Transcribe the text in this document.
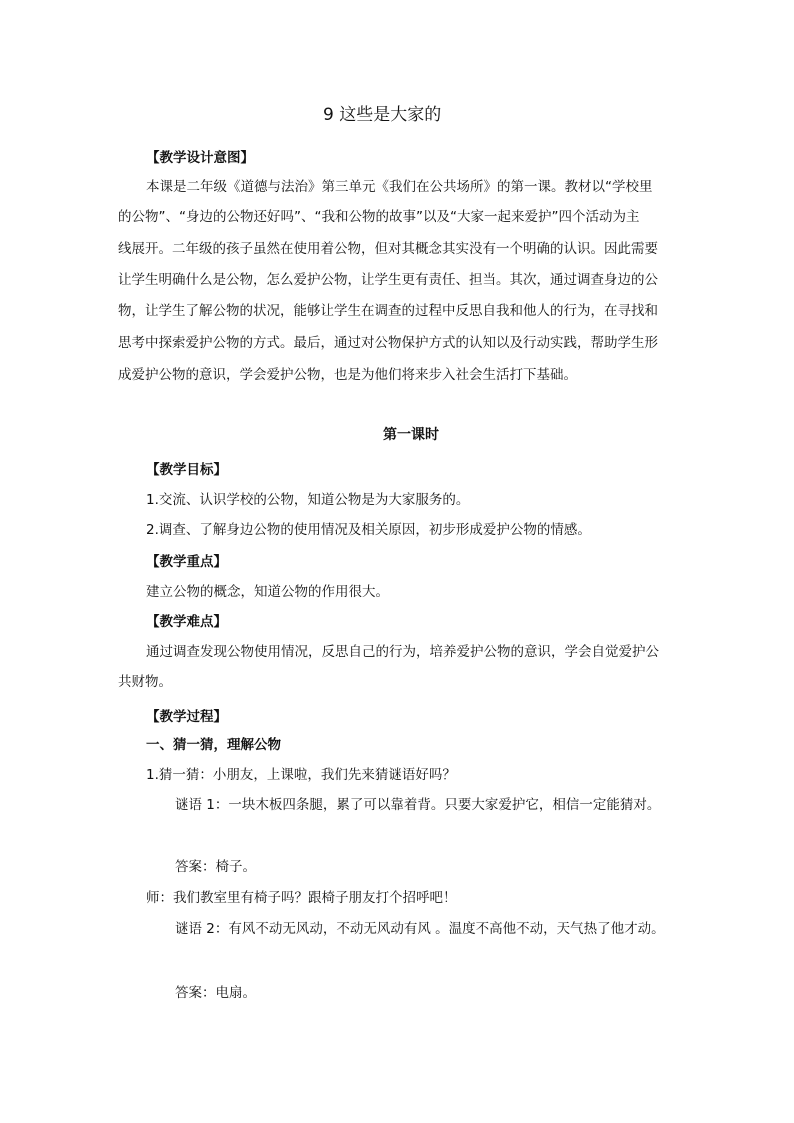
9 这些是大家的
【教学设计意图】
本课是二年级《道德与法治》第三单元《我们在公共场所》的第一课。教材以“学校里
的公物”、“身边的公物还好吗”、“我和公物的故事”以及“大家一起来爱护”四个活动为主
线展开。二年级的孩子虽然在使用着公物，但对其概念其实没有一个明确的认识。因此需要
让学生明确什么是公物，怎么爱护公物，让学生更有责任、担当。其次，通过调查身边的公
物，让学生了解公物的状况，能够让学生在调查的过程中反思自我和他人的行为，在寻找和
思考中探索爱护公物的方式。最后，通过对公物保护方式的认知以及行动实践，帮助学生形
成爱护公物的意识，学会爱护公物，也是为他们将来步入社会生活打下基础。
第一课时
【教学目标】
1.交流、认识学校的公物，知道公物是为大家服务的。
2.调查、了解身边公物的使用情况及相关原因，初步形成爱护公物的情感。
【教学重点】
建立公物的概念，知道公物的作用很大。
【教学难点】
通过调查发现公物使用情况，反思自己的行为，培养爱护公物的意识，学会自觉爱护公
共财物。
【教学过程】
一、猜一猜，理解公物
1.猜一猜：小朋友，上课啦，我们先来猜谜语好吗？
谜语 1：一块木板四条腿，累了可以靠着背。只要大家爱护它，相信一定能猜对。
答案：椅子。
师：我们教室里有椅子吗？跟椅子朋友打个招呼吧！
谜语 2：有风不动无风动，不动无风动有风 。温度不高他不动，天气热了他才动。
答案：电扇。
